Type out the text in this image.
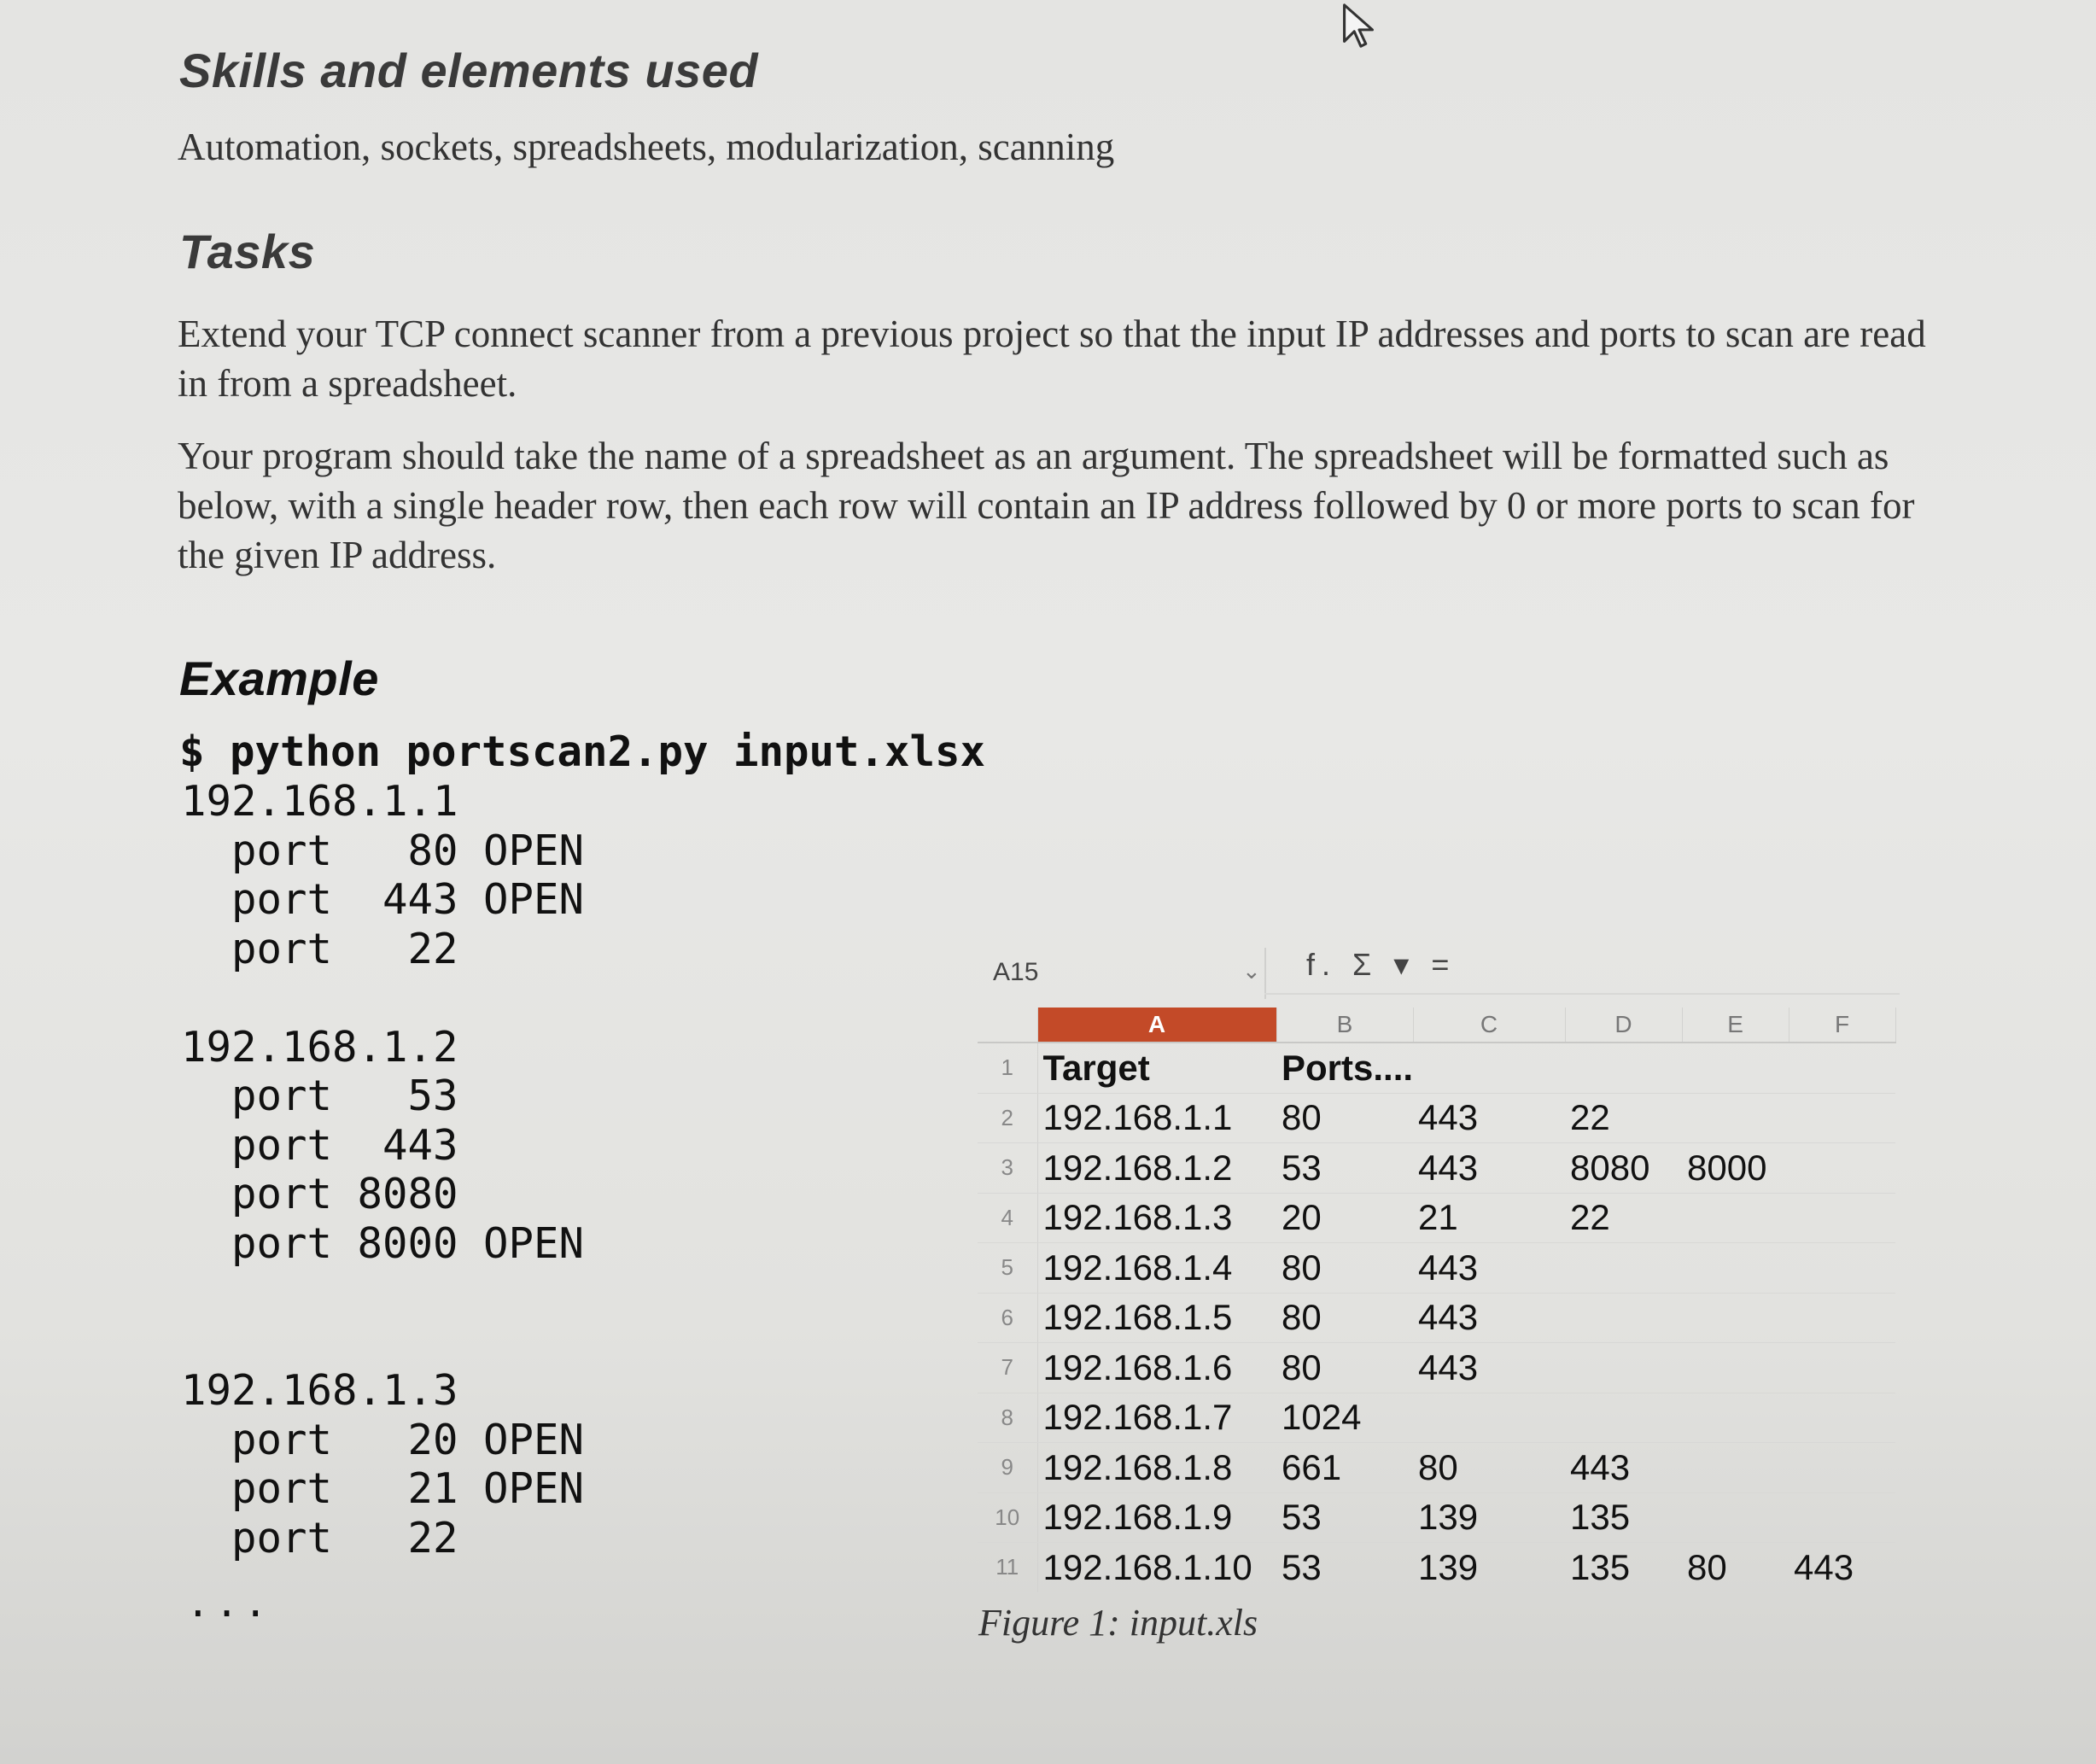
Skills and elements used

Automation, sockets, spreadsheets, modularization, scanning

Tasks

Extend your TCP connect scanner from a previous project so that the input IP addresses and ports to scan are read in from a spreadsheet.

Your program should take the name of a spreadsheet as an argument. The spreadsheet will be formatted such as below, with a single header row, then each row will contain an IP address followed by 0 or more ports to scan for the given IP address.

Example

$ python portscan2.py input.xlsx

192.168.1.1
port   80 OPEN
port  443 OPEN
port   22
192.168.1.2
port   53
port  443
port 8080
port 8000 OPEN
192.168.1.3
port   20 OPEN
port   21 OPEN
port   22
...
A15	⌄ f. Σ ▾ =
	A	B	C	D	E	F
1	Target	Ports....				
2	192.168.1.1	80	443	22		
3	192.168.1.2	53	443	8080	8000	
4	192.168.1.3	20	21	22		
5	192.168.1.4	80	443			
6	192.168.1.5	80	443			
7	192.168.1.6	80	443			
8	192.168.1.7	1024				
9	192.168.1.8	661	80	443		
10	192.168.1.9	53	139	135		
11	192.168.1.10	53	139	135	80	443

Figure 1: input.xls
